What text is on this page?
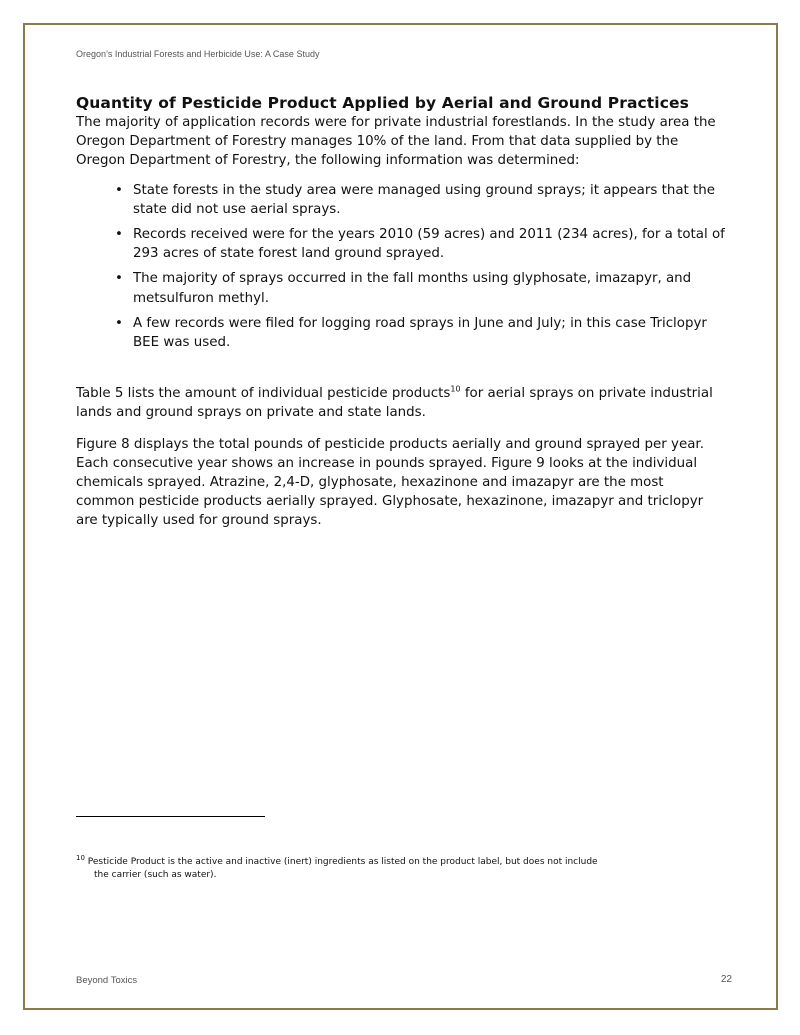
Oregon’s Industrial Forests and Herbicide Use: A Case Study
Quantity of Pesticide Product Applied by Aerial and Ground Practices

The majority of application records were for private industrial forestlands. In the study area the Oregon Department of Forestry manages 10% of the land. From that data supplied by the Oregon Department of Forestry, the following information was determined:

• State forests in the study area were managed using ground sprays; it appears that the state did not use aerial sprays.
• Records received were for the years 2010 (59 acres) and 2011 (234 acres), for a total of 293 acres of state forest land ground sprayed.
• The majority of sprays occurred in the fall months using glyphosate, imazapyr, and metsulfuron methyl.
• A few records were filed for logging road sprays in June and July; in this case Triclopyr BEE was used.

Table 5 lists the amount of individual pesticide products$^{10}$ for aerial sprays on private industrial lands and ground sprays on private and state lands.

Figure 8 displays the total pounds of pesticide products aerially and ground sprayed per year. Each consecutive year shows an increase in pounds sprayed. Figure 9 looks at the individual chemicals sprayed. Atrazine, 2,4-D, glyphosate, hexazinone and imazapyr are the most common pesticide products aerially sprayed. Glyphosate, hexazinone, imazapyr and triclopyr are typically used for ground sprays.

$^{10}$ Pesticide Product is the active and inactive (inert) ingredients as listed on the product label, but does not include
the carrier (such as water).
Beyond Toxics	22
